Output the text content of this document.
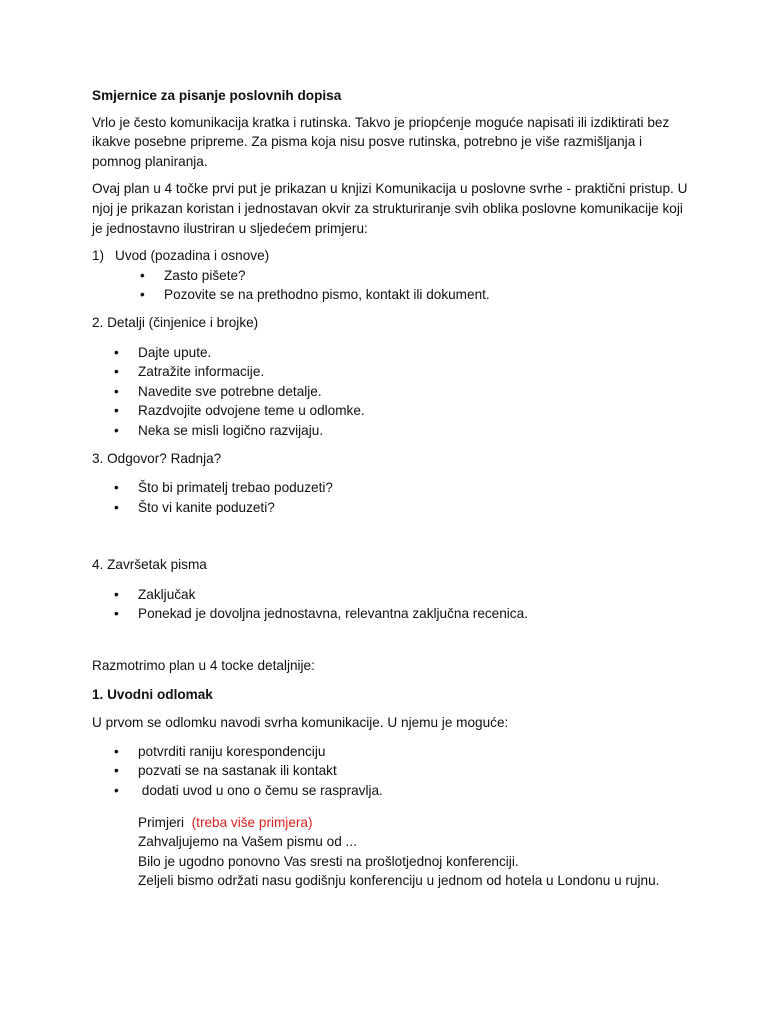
Smjernice za pisanje poslovnih dopisa

Vrlo je često komunikacija kratka i rutinska. Takvo je priopćenje moguće napisati ili izdiktirati bez ikakve posebne pripreme. Za pisma koja nisu posve rutinska, potrebno je više razmišljanja i pomnog planiranja.

Ovaj plan u 4 točke prvi put je prikazan u knjizi Komunikacija u poslovne svrhe - praktični pristup. U njoj je prikazan koristan i jednostavan okvir za strukturiranje svih oblika poslovne komunikacije koji je jednostavno ilustriran u sljedećem primjeru:

1) Uvod (pozadina i osnove)
• Zasto pišete?
• Pozovite se na prethodno pismo, kontakt ili dokument.

2. Detalji (činjenice i brojke)

• Dajte upute.
• Zatražite informacije.
• Navedite sve potrebne detalje.
• Razdvojite odvojene teme u odlomke.
• Neka se misli logično razvijaju.

3. Odgovor? Radnja?

• Što bi primatelj trebao poduzeti?
• Što vi kanite poduzeti?

4. Završetak pisma

• Zaključak
• Ponekad je dovoljna jednostavna, relevantna zaključna recenica.

Razmotrimo plan u 4 tocke detaljnije:

1. Uvodni odlomak

U prvom se odlomku navodi svrha komunikacije. U njemu je moguće:

• potvrditi raniju korespondenciju
• pozvati se na sastanak ili kontakt
• dodati uvod u ono o čemu se raspravlja.

Primjeri (treba više primjera)

Zahvaljujemo na Vašem pismu od ...

Bilo je ugodno ponovno Vas sresti na prošlotjednoj konferenciji.

Zeljeli bismo održati nasu godišnju konferenciju u jednom od hotela u Londonu u rujnu.
